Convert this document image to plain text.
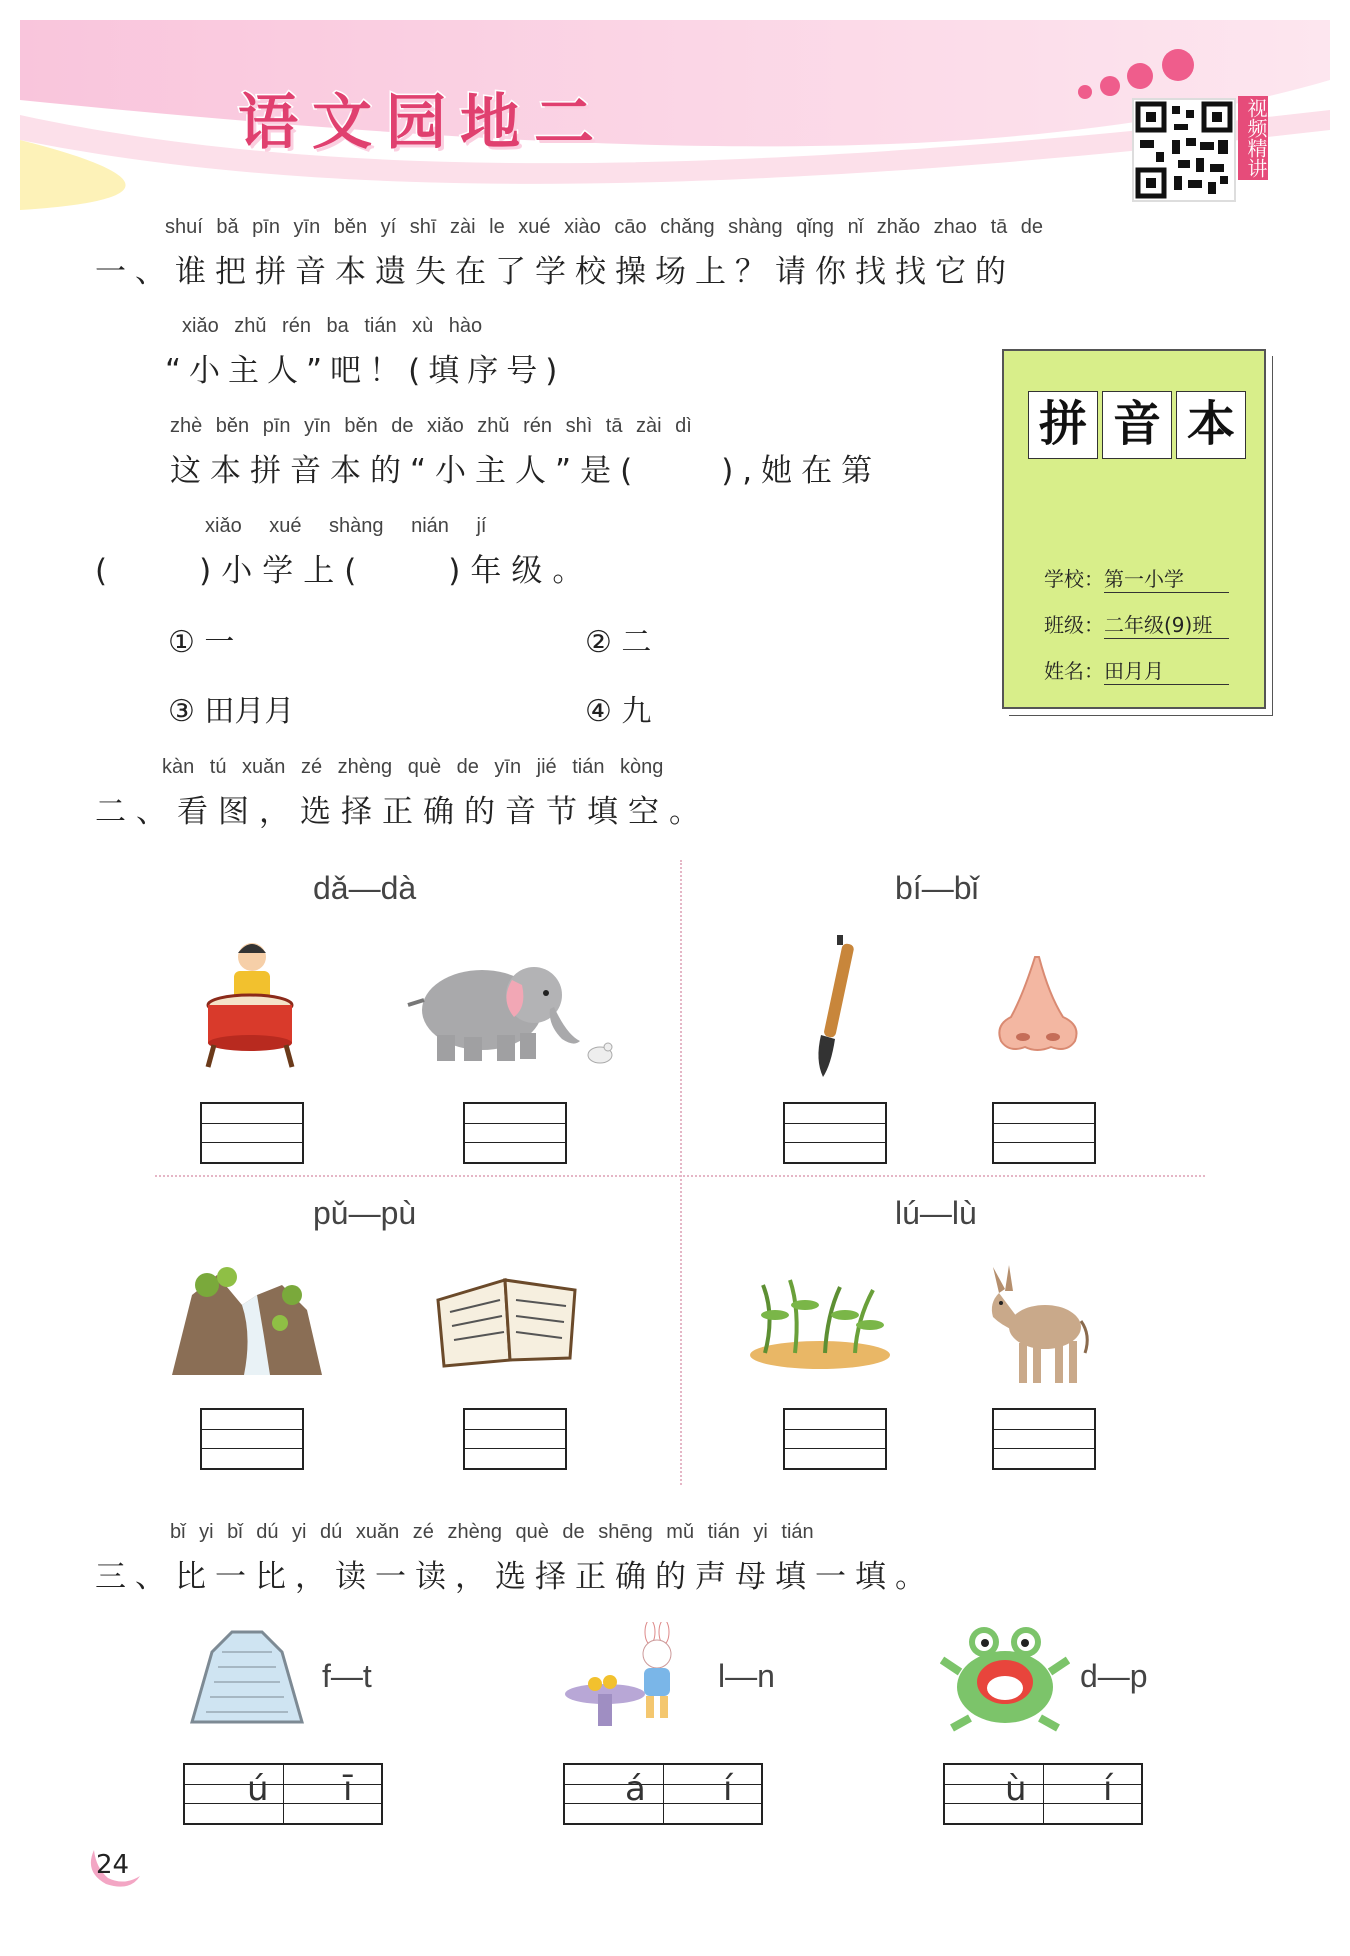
语文园地二	视频精讲
shuí bǎ pīn yīn běn yí shī zài le xué xiào cāo chǎng shàng qǐng nǐ zhǎo zhao tā de
一、谁把拼音本遗失在了学校操场上？请你找找它的
xiǎo zhǔ rén ba tián xù hào
“小主人”吧！(填序号)
zhè běn pīn yīn běn de xiǎo zhǔ rén shì tā zài dì
这本拼音本的“小主人”是(　　),她在第
xiǎo xué shàng nián jí
(　　)小学上(　　)年级。
① 一	② 二
③ 田月月	④ 九
拼 音 本
学校：第一小学
班级：二年级(9)班
姓名：田月月
kàn tú xuǎn zé zhèng què de yīn jié tián kòng
二、看图，选择正确的音节填空。
dǎ—dà	bí—bǐ
pǔ—pù	lú—lù
bǐ yi bǐ dú yi dú xuǎn zé zhèng què de shēng mǔ tián yi tián
三、比一比，读一读，选择正确的声母填一填。
f—t	l—n	d—p
ú ī	á í	ù í
24
